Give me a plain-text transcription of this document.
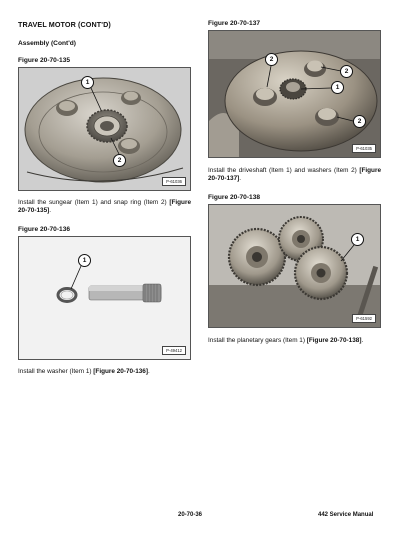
TRAVEL MOTOR (CONT'D)
Assembly (Cont'd)
Figure 20-70-135
1
2
P-61036
Install the sungear (Item 1) and snap ring (Item 2) [Figure 20-70-135].
Figure 20-70-136
1
P-49412
Install the washer (Item 1) [Figure 20-70-136].
Figure 20-70-137
2
2
1
2
P-61035
Install the driveshaft (Item 1) and washers (Item 2) [Figure 20-70-137].
Figure 20-70-138
1
P-61592
Install the planetary gears (Item 1) [Figure 20-70-138].
20-70-36	442 Service Manual
